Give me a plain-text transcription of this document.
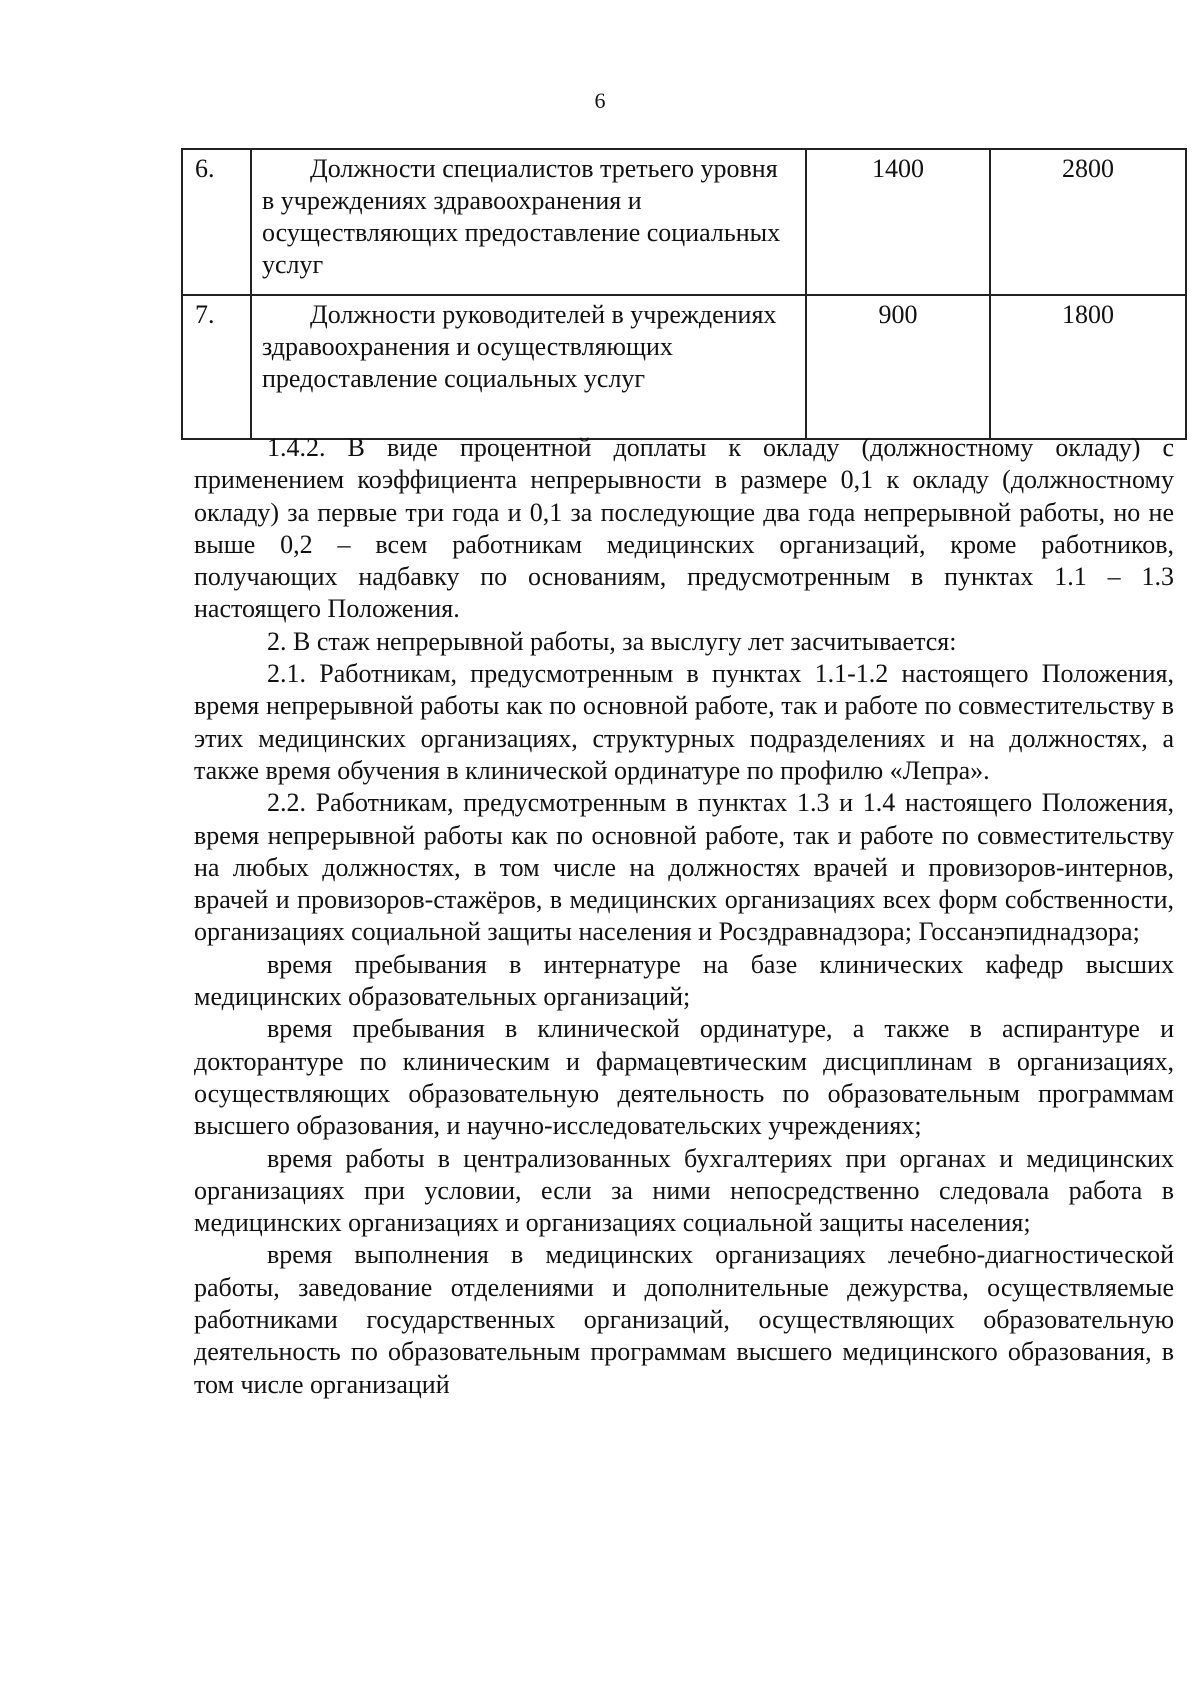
6
6.	Должности специалистов третьего уровня в учреждениях здравоохранения и осуществляющих предоставление социальных услуг	1400	2800
7.	Должности руководителей в учреждениях здравоохранения и осуществляющих предоставление социальных услуг	900	1800

1.4.2. В виде процентной доплаты к окладу (должностному окладу) с применением коэффициента непрерывности в размере 0,1 к окладу (должностному окладу) за первые три года и 0,1 за последующие два года непрерывной работы, но не выше 0,2 – всем работникам медицинских организаций, кроме работников, получающих надбавку по основаниям, предусмотренным в пунктах 1.1 – 1.3 настоящего Положения.

2. В стаж непрерывной работы, за выслугу лет засчитывается:

2.1. Работникам, предусмотренным в пунктах 1.1-1.2 настоящего Положения, время непрерывной работы как по основной работе, так и работе по совместительству в этих медицинских организациях, структурных подразделениях и на должностях, а также время обучения в клинической ординатуре по профилю «Лепра».

2.2. Работникам, предусмотренным в пунктах 1.3 и 1.4 настоящего Положения, время непрерывной работы как по основной работе, так и работе по совместительству на любых должностях, в том числе на должностях врачей и провизоров-интернов, врачей и провизоров-стажёров, в медицинских организациях всех форм собственности, организациях социальной защиты населения и Росздравнадзора; Госсанэпиднадзора;

время пребывания в интернатуре на базе клинических кафедр высших медицинских образовательных организаций;

время пребывания в клинической ординатуре, а также в аспирантуре и докторантуре по клиническим и фармацевтическим дисциплинам в организациях, осуществляющих образовательную деятельность по образовательным программам высшего образования, и научно-исследовательских учреждениях;

время работы в централизованных бухгалтериях при органах и медицинских организациях при условии, если за ними непосредственно следовала работа в медицинских организациях и организациях социальной защиты населения;

время выполнения в медицинских организациях лечебно-диагностической работы, заведование отделениями и дополнительные дежурства, осуществляемые работниками государственных организаций, осуществляющих образовательную деятельность по образовательным программам высшего медицинского образования, в том числе организаций
